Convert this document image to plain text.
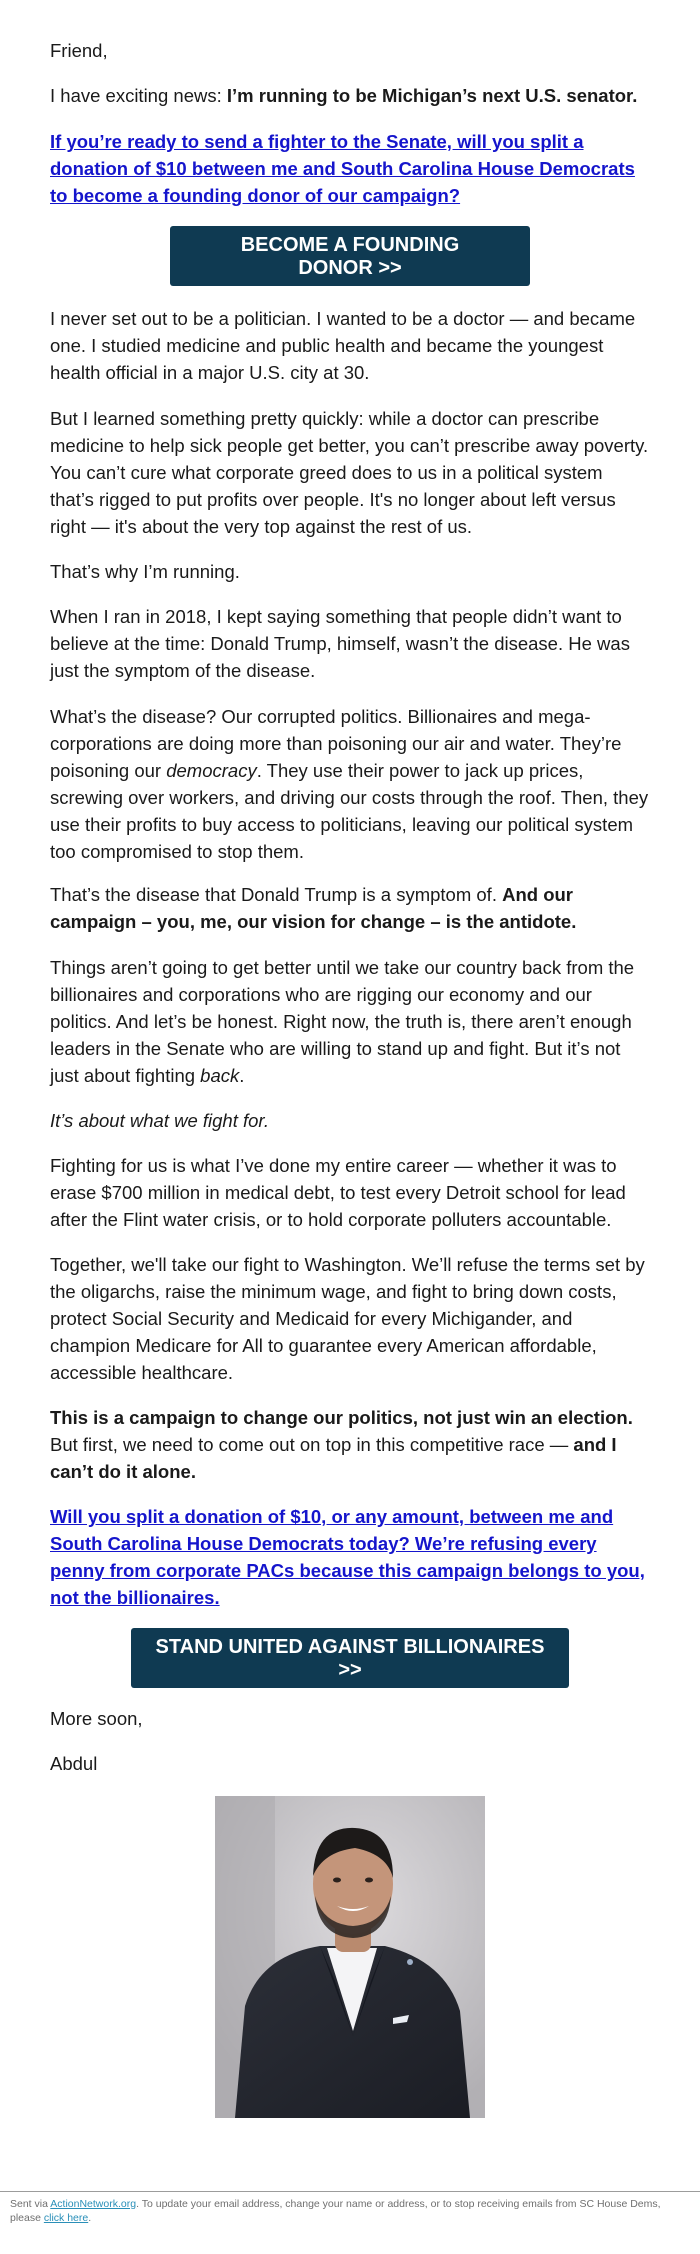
Friend,

I have exciting news: I’m running to be Michigan’s next U.S. senator.

If you’re ready to send a fighter to the Senate, will you split a donation of $10 between me and South Carolina House Democrats to become a founding donor of our campaign?

BECOME A FOUNDING DONOR >>

I never set out to be a politician. I wanted to be a doctor — and became one. I studied medicine and public health and became the youngest health official in a major U.S. city at 30.

But I learned something pretty quickly: while a doctor can prescribe medicine to help sick people get better, you can’t prescribe away poverty. You can’t cure what corporate greed does to us in a political system that’s rigged to put profits over people. It's no longer about left versus right — it's about the very top against the rest of us.

That’s why I’m running.

When I ran in 2018, I kept saying something that people didn’t want to believe at the time: Donald Trump, himself, wasn’t the disease. He was just the symptom of the disease.

What’s the disease? Our corrupted politics. Billionaires and mega-corporations are doing more than poisoning our air and water. They’re poisoning our democracy. They use their power to jack up prices, screwing over workers, and driving our costs through the roof. Then, they use their profits to buy access to politicians, leaving our political system too compromised to stop them.

That’s the disease that Donald Trump is a symptom of. And our campaign – you, me, our vision for change – is the antidote.

Things aren’t going to get better until we take our country back from the billionaires and corporations who are rigging our economy and our politics. And let’s be honest. Right now, the truth is, there aren’t enough leaders in the Senate who are willing to stand up and fight. But it’s not just about fighting back.

It’s about what we fight for.

Fighting for us is what I’ve done my entire career — whether it was to erase $700 million in medical debt, to test every Detroit school for lead after the Flint water crisis, or to hold corporate polluters accountable.

Together, we'll take our fight to Washington. We’ll refuse the terms set by the oligarchs, raise the minimum wage, and fight to bring down costs, protect Social Security and Medicaid for every Michigander, and champion Medicare for All to guarantee every American affordable, accessible healthcare.

This is a campaign to change our politics, not just win an election. But first, we need to come out on top in this competitive race — and I can’t do it alone.

Will you split a donation of $10, or any amount, between me and South Carolina House Democrats today? We’re refusing every penny from corporate PACs because this campaign belongs to you, not the billionaires.

STAND UNITED AGAINST BILLIONAIRES >>

More soon,

Abdul

Sent via ActionNetwork.org. To update your email address, change your name or address, or to stop receiving emails from SC House Dems, please click here.
